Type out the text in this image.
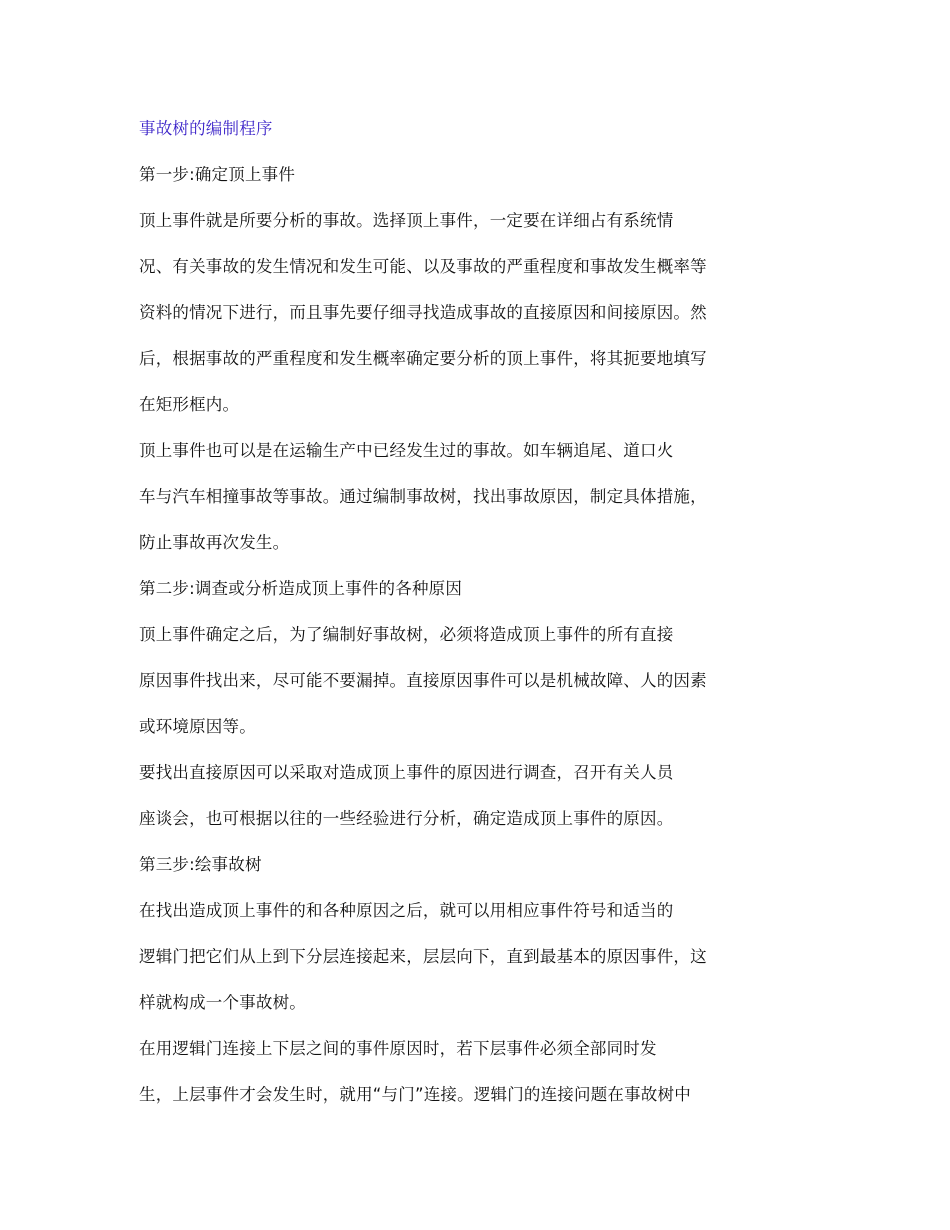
事故树的编制程序
第一步:确定顶上事件
顶上事件就是所要分析的事故。选择顶上事件，一定要在详细占有系统情
况、有关事故的发生情况和发生可能、以及事故的严重程度和事故发生概率等
资料的情况下进行，而且事先要仔细寻找造成事故的直接原因和间接原因。然
后，根据事故的严重程度和发生概率确定要分析的顶上事件，将其扼要地填写
在矩形框内。
顶上事件也可以是在运输生产中已经发生过的事故。如车辆追尾、道口火
车与汽车相撞事故等事故。通过编制事故树，找出事故原因，制定具体措施，
防止事故再次发生。
第二步:调查或分析造成顶上事件的各种原因
顶上事件确定之后，为了编制好事故树，必须将造成顶上事件的所有直接
原因事件找出来，尽可能不要漏掉。直接原因事件可以是机械故障、人的因素
或环境原因等。
要找出直接原因可以采取对造成顶上事件的原因进行调查，召开有关人员
座谈会，也可根据以往的一些经验进行分析，确定造成顶上事件的原因。
第三步:绘事故树
在找出造成顶上事件的和各种原因之后，就可以用相应事件符号和适当的
逻辑门把它们从上到下分层连接起来，层层向下，直到最基本的原因事件，这
样就构成一个事故树。
在用逻辑门连接上下层之间的事件原因时，若下层事件必须全部同时发
生，上层事件才会发生时，就用“与门”连接。逻辑门的连接问题在事故树中
